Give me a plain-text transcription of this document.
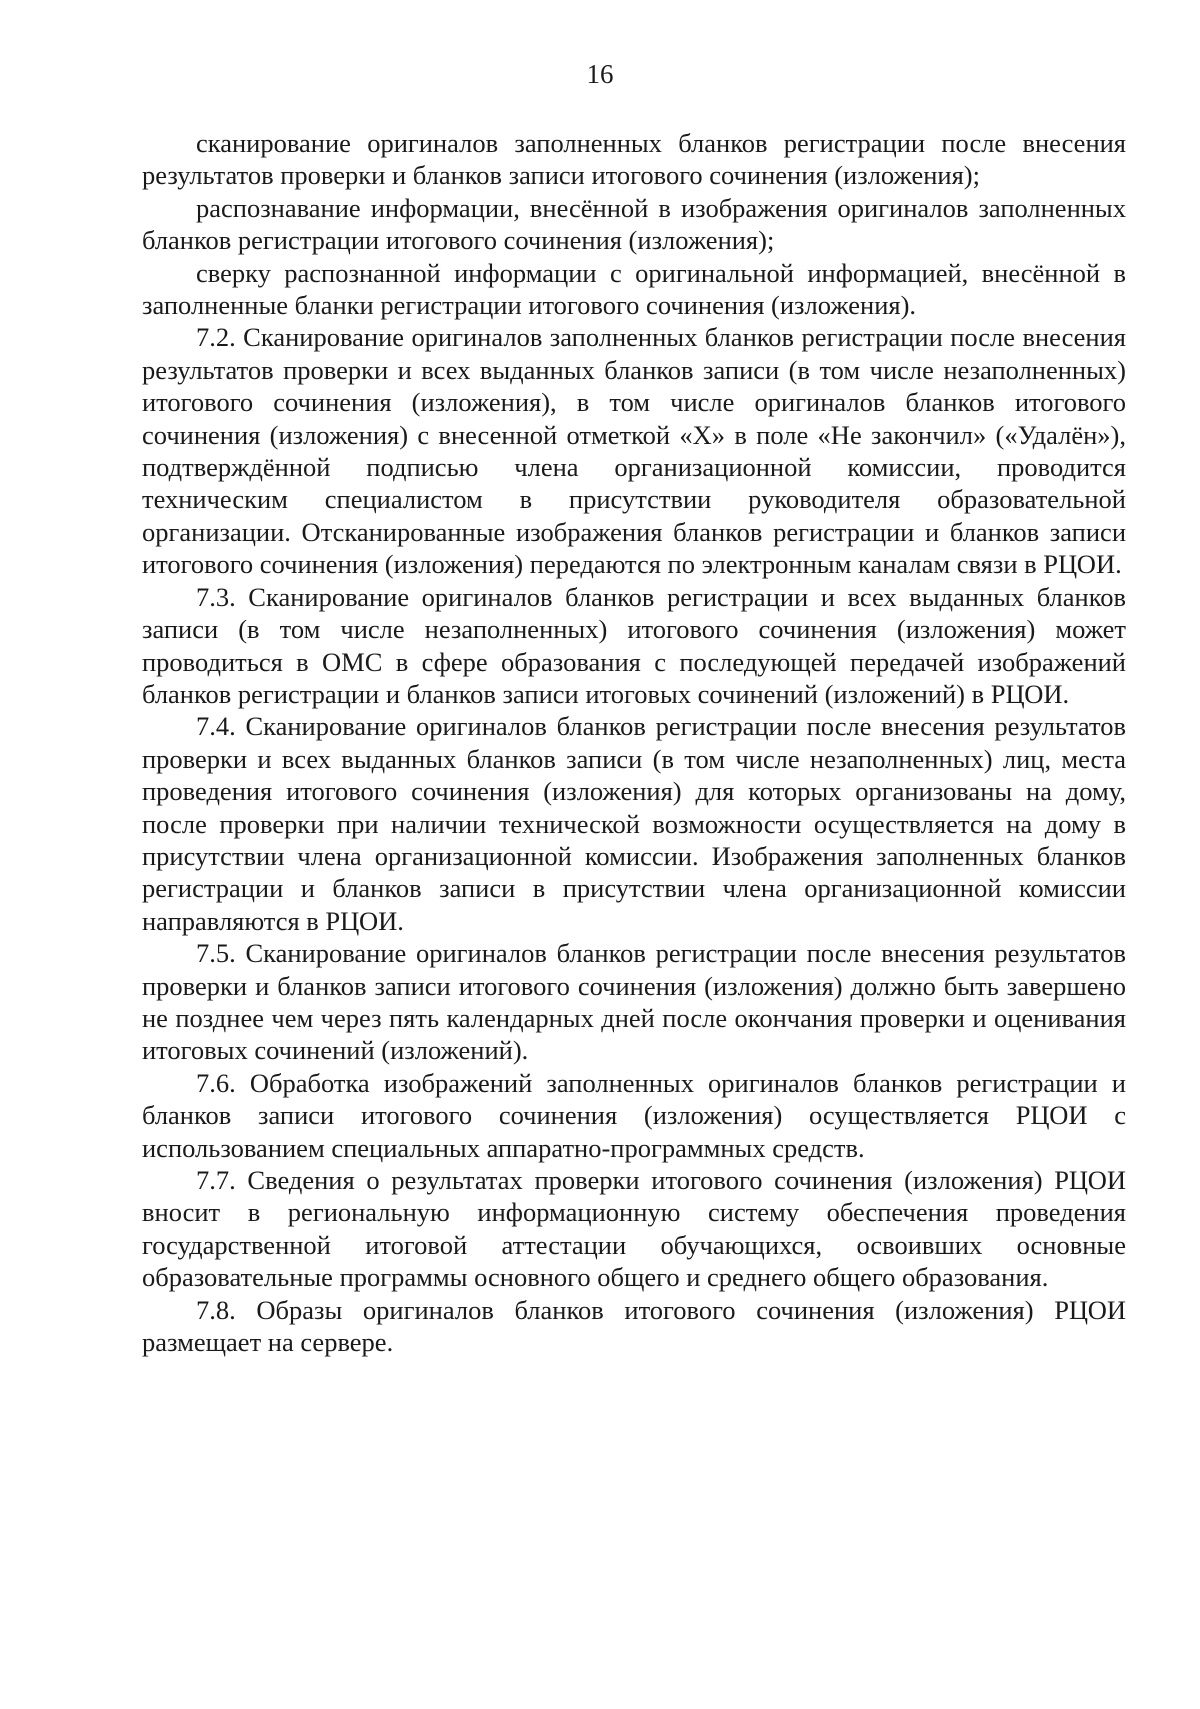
16

сканирование оригиналов заполненных бланков регистрации после внесения результатов проверки и бланков записи итогового сочинения (изложения);

распознавание информации, внесённой в изображения оригиналов заполненных бланков регистрации итогового сочинения (изложения);

сверку распознанной информации с оригинальной информацией, внесённой в заполненные бланки регистрации итогового сочинения (изложения).

7.2. Сканирование оригиналов заполненных бланков регистрации после внесения результатов проверки и всех выданных бланков записи (в том числе незаполненных) итогового сочинения (изложения), в том числе оригиналов бланков итогового сочинения (изложения) с внесенной отметкой «Х» в поле «Не закончил» («Удалён»), подтверждённой подписью члена организационной комиссии, проводится техническим специалистом в присутствии руководителя образовательной организации. Отсканированные изображения бланков регистрации и бланков записи итогового сочинения (изложения) передаются по электронным каналам связи в РЦОИ.

7.3. Сканирование оригиналов бланков регистрации и всех выданных бланков записи (в том числе незаполненных) итогового сочинения (изложения) может проводиться в ОМС в сфере образования с последующей передачей изображений бланков регистрации и бланков записи итоговых сочинений (изложений) в РЦОИ.

7.4. Сканирование оригиналов бланков регистрации после внесения результатов проверки и всех выданных бланков записи (в том числе незаполненных) лиц, места проведения итогового сочинения (изложения) для которых организованы на дому, после проверки при наличии технической возможности осуществляется на дому в присутствии члена организационной комиссии. Изображения заполненных бланков регистрации и бланков записи в присутствии члена организационной комиссии направляются в РЦОИ.

7.5. Сканирование оригиналов бланков регистрации после внесения результатов проверки и бланков записи итогового сочинения (изложения) должно быть завершено не позднее чем через пять календарных дней после окончания проверки и оценивания итоговых сочинений (изложений).

7.6. Обработка изображений заполненных оригиналов бланков регистрации и бланков записи итогового сочинения (изложения) осуществляется РЦОИ с использованием специальных аппаратно-программных средств.

7.7. Сведения о результатах проверки итогового сочинения (изложения) РЦОИ вносит в региональную информационную систему обеспечения проведения государственной итоговой аттестации обучающихся, освоивших основные образовательные программы основного общего и среднего общего образования.

7.8. Образы оригиналов бланков итогового сочинения (изложения) РЦОИ размещает на сервере.
